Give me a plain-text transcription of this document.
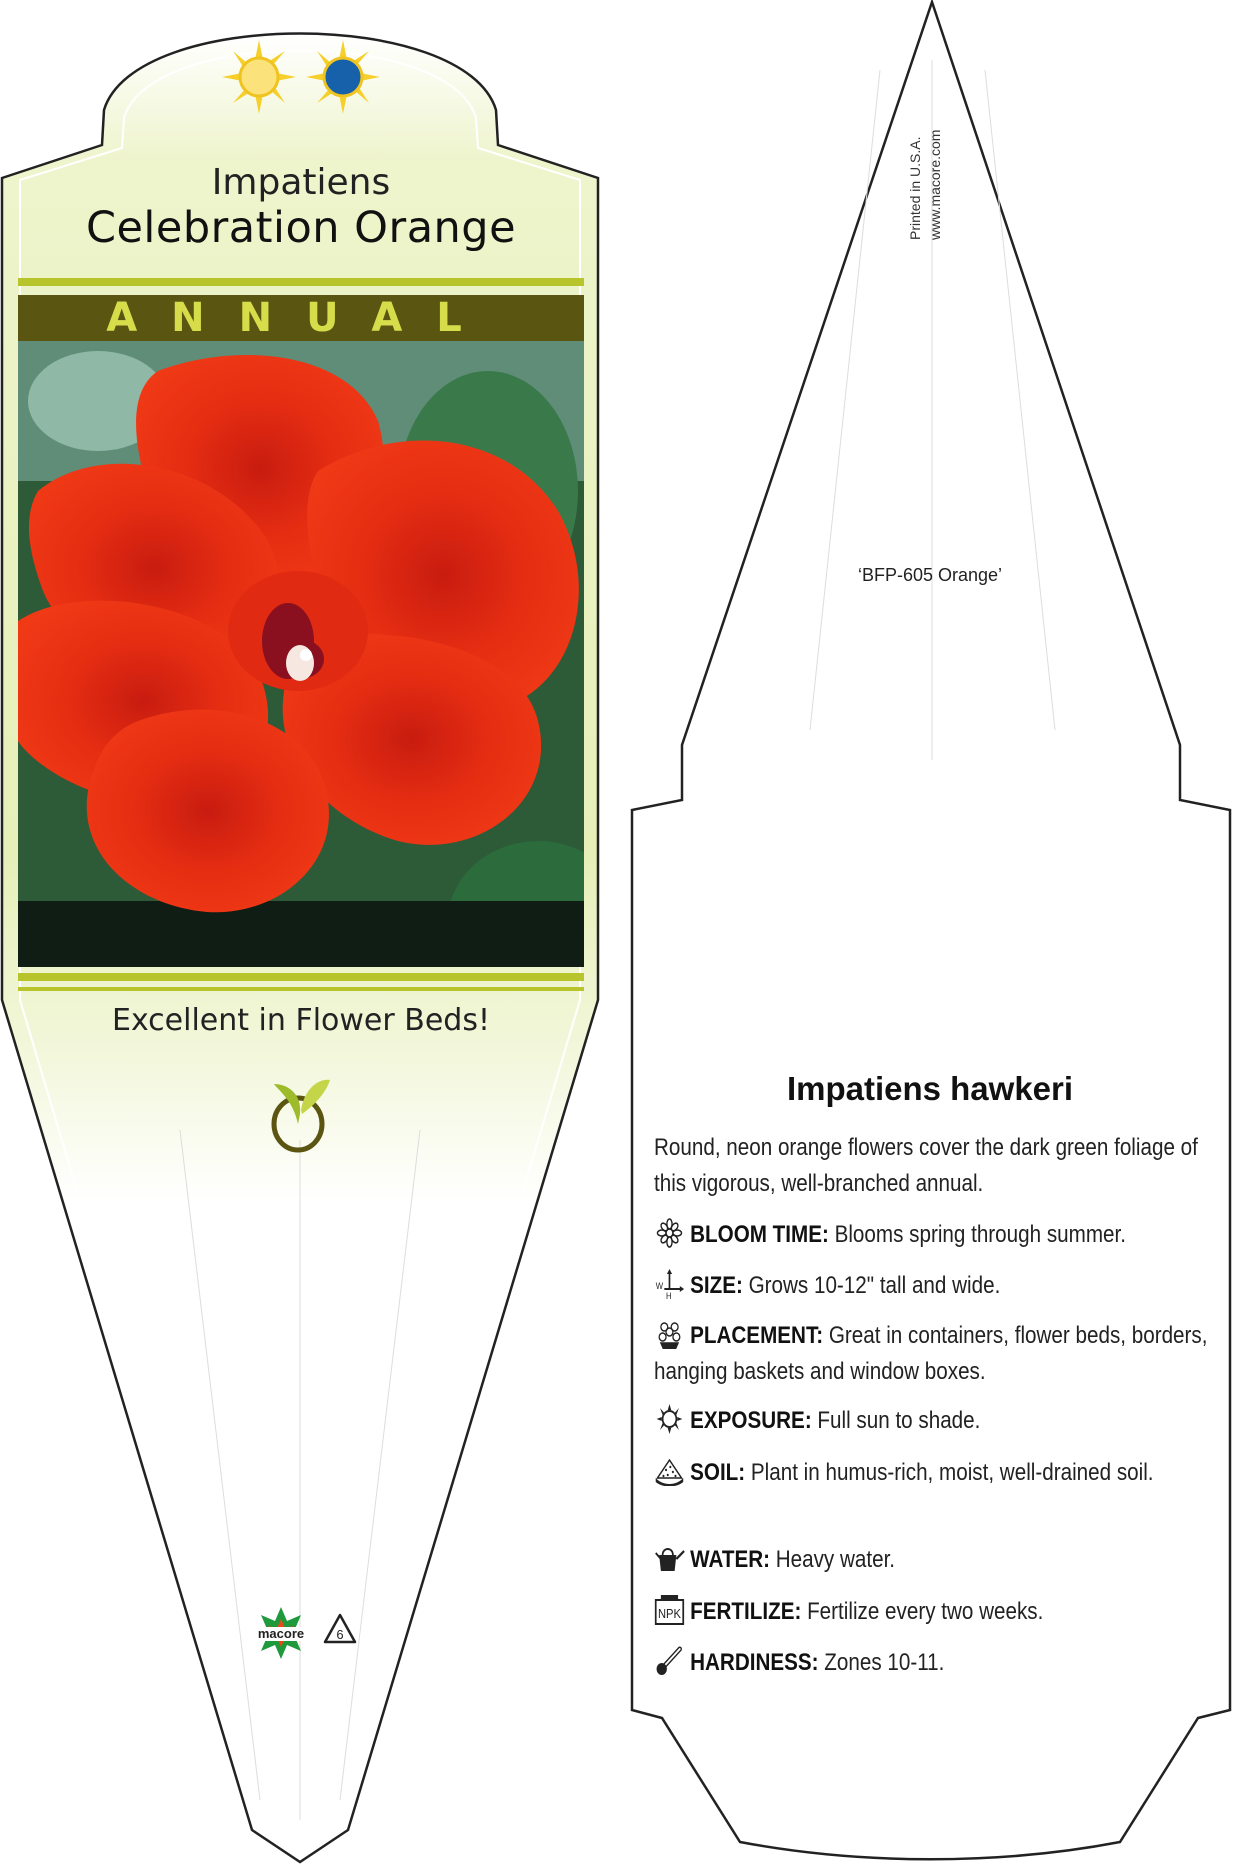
Impatiens
Celebration Orange
ANNUAL
Excellent in Flower Beds!
macore 6
Printed in U.S.A. www.macore.com
‘BFP-605 Orange’
Impatiens hawkeri
Round, neon orange flowers cover the dark green foliage of this vigorous, well-branched annual.
BLOOM TIME: Blooms spring through summer.
W
H SIZE: Grows 10-12" tall and wide.
PLACEMENT: Great in containers, flower beds, borders, hanging baskets and window boxes.
EXPOSURE: Full sun to shade.
SOIL: Plant in humus-rich, moist, well-drained soil.
WATER: Heavy water.
NPK FERTILIZE: Fertilize every two weeks.
HARDINESS: Zones 10-11.
